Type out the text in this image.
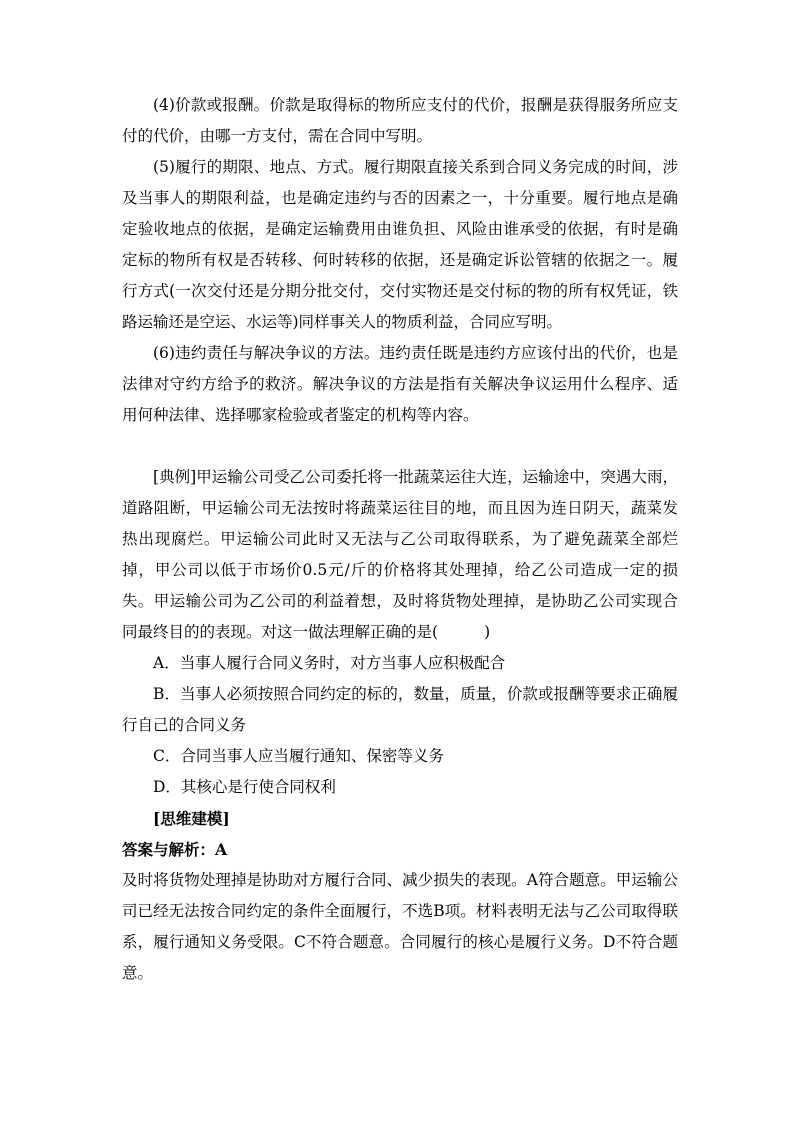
(4)价款或报酬。价款是取得标的物所应支付的代价，报酬是获得服务所应支付的代价，由哪一方支付，需在合同中写明。

(5)履行的期限、地点、方式。履行期限直接关系到合同义务完成的时间，涉及当事人的期限利益，也是确定违约与否的因素之一，十分重要。履行地点是确定验收地点的依据，是确定运输费用由谁负担、风险由谁承受的依据，有时是确定标的物所有权是否转移、何时转移的依据，还是确定诉讼管辖的依据之一。履行方式(一次交付还是分期分批交付，交付实物还是交付标的物的所有权凭证，铁路运输还是空运、水运等)同样事关人的物质利益，合同应写明。

(6)违约责任与解决争议的方法。违约责任既是违约方应该付出的代价，也是法律对守约方给予的救济。解决争议的方法是指有关解决争议运用什么程序、适用何种法律、选择哪家检验或者鉴定的机构等内容。

[典例]甲运输公司受乙公司委托将一批蔬菜运往大连，运输途中，突遇大雨，道路阻断，甲运输公司无法按时将蔬菜运往目的地，而且因为连日阴天，蔬菜发热出现腐烂。甲运输公司此时又无法与乙公司取得联系，为了避免蔬菜全部烂掉，甲公司以低于市场价0.5元/斤的价格将其处理掉，给乙公司造成一定的损失。甲运输公司为乙公司的利益着想，及时将货物处理掉，是协助乙公司实现合同最终目的的表现。对这一做法理解正确的是(	)

A．当事人履行合同义务时，对方当事人应积极配合

B．当事人必须按照合同约定的标的，数量，质量，价款或报酬等要求正确履行自己的合同义务

C．合同当事人应当履行通知、保密等义务

D．其核心是行使合同权利

[思维建模]

答案与解析：A

及时将货物处理掉是协助对方履行合同、减少损失的表现。A符合题意。甲运输公司已经无法按合同约定的条件全面履行，不选B项。材料表明无法与乙公司取得联系，履行通知义务受限。C不符合题意。合同履行的核心是履行义务。D不符合题意。
